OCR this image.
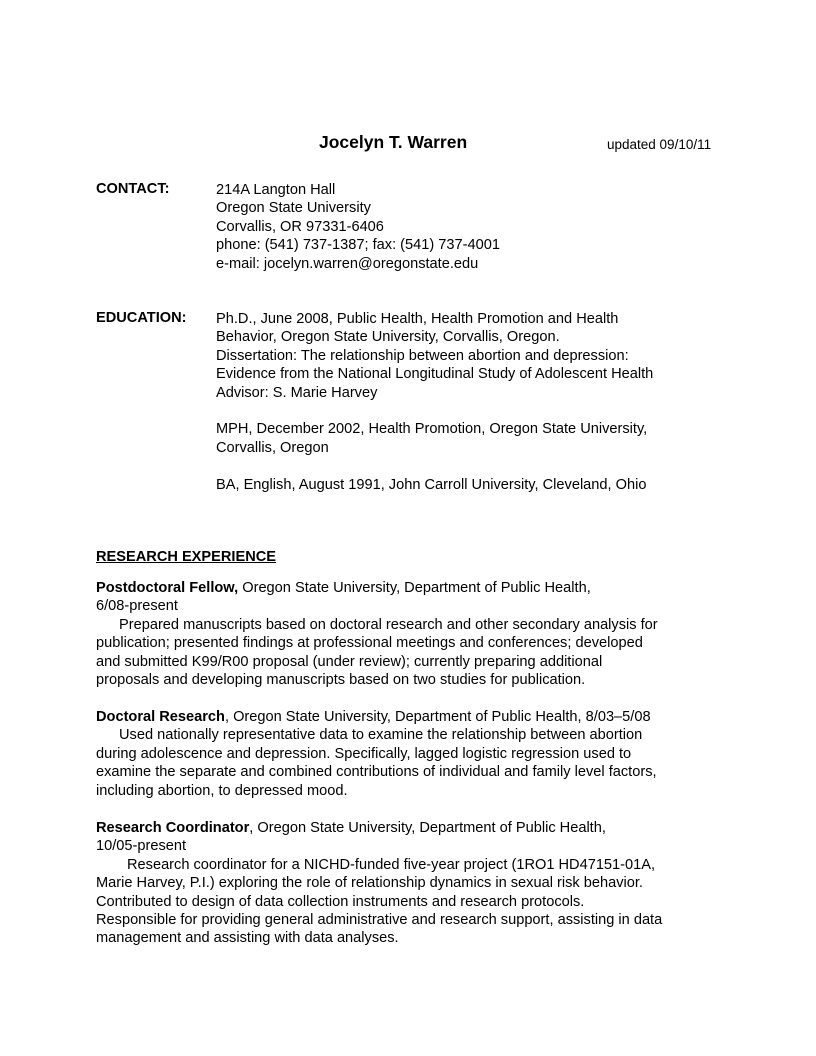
Jocelyn T. Warren	updated 09/10/11
CONTACT:	214A Langton Hall
Oregon State University
Corvallis, OR 97331-6406
phone: (541) 737-1387; fax: (541) 737-4001
e-mail: jocelyn.warren@oregonstate.edu
EDUCATION: Ph.D., June 2008, Public Health, Health Promotion and Health
Behavior, Oregon State University, Corvallis, Oregon.
Dissertation: The relationship between abortion and depression:
Evidence from the National Longitudinal Study of Adolescent Health
Advisor: S. Marie Harvey
MPH, December 2002, Health Promotion, Oregon State University,
Corvallis, Oregon
BA, English, August 1991, John Carroll University, Cleveland, Ohio
RESEARCH EXPERIENCE
Postdoctoral Fellow, Oregon State University, Department of Public Health,
6/08-present
Prepared manuscripts based on doctoral research and other secondary analysis for
publication; presented findings at professional meetings and conferences; developed
and submitted K99/R00 proposal (under review); currently preparing additional
proposals and developing manuscripts based on two studies for publication.
Doctoral Research, Oregon State University, Department of Public Health, 8/03–5/08
Used nationally representative data to examine the relationship between abortion
during adolescence and depression. Specifically, lagged logistic regression used to
examine the separate and combined contributions of individual and family level factors,
including abortion, to depressed mood.
Research Coordinator, Oregon State University, Department of Public Health,
10/05-present
Research coordinator for a NICHD-funded five-year project (1RO1 HD47151-01A,
Marie Harvey, P.I.) exploring the role of relationship dynamics in sexual risk behavior.
Contributed to design of data collection instruments and research protocols.
Responsible for providing general administrative and research support, assisting in data
management and assisting with data analyses.
